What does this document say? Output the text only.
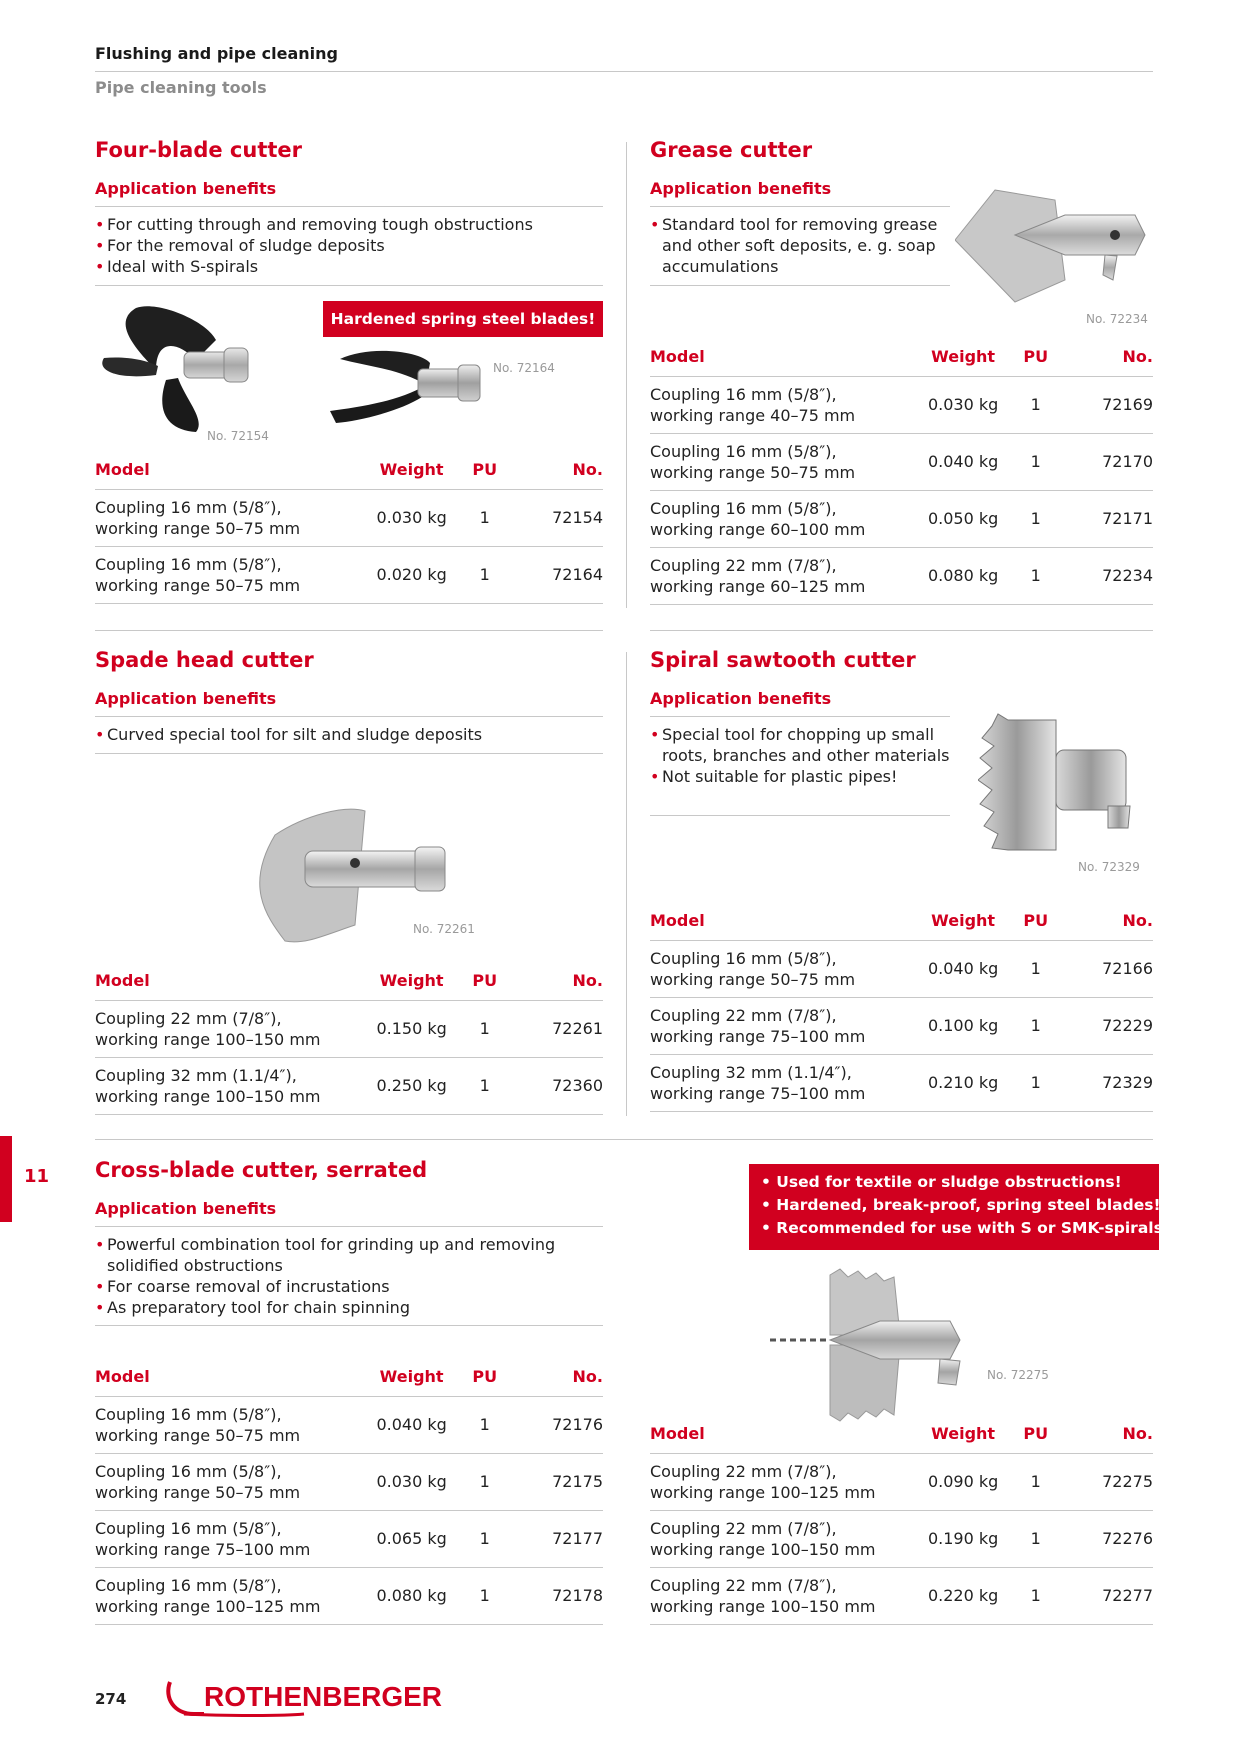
Flushing and pipe cleaning
Pipe cleaning tools
Four-blade cutter
Application benefits
• For cutting through and removing tough obstructions
• For the removal of sludge deposits
• Ideal with S-spirals
Hardened spring steel blades!
No. 72154
No. 72164
Model	Weight	PU	No.
Coupling 16 mm (5/8″),
working range 50–75 mm	0.030 kg	1	72154
Coupling 16 mm (5/8″),
working range 50–75 mm	0.020 kg	1	72164
Grease cutter
Application benefits
• Standard tool for removing grease and other soft deposits, e. g. soap accumulations
No. 72234
Model	Weight	PU	No.
Coupling 16 mm (5/8″),
working range 40–75 mm	0.030 kg	1	72169
Coupling 16 mm (5/8″),
working range 50–75 mm	0.040 kg	1	72170
Coupling 16 mm (5/8″),
working range 60–100 mm	0.050 kg	1	72171
Coupling 22 mm (7/8″),
working range 60–125 mm	0.080 kg	1	72234
Spade head cutter
Application benefits
• Curved special tool for silt and sludge deposits
No. 72261
Model	Weight	PU	No.
Coupling 22 mm (7/8″),
working range 100–150 mm	0.150 kg	1	72261
Coupling 32 mm (1.1/4″),
working range 100–150 mm	0.250 kg	1	72360
Spiral sawtooth cutter
Application benefits
• Special tool for chopping up small roots, branches and other materials
• Not suitable for plastic pipes!
No. 72329
Model	Weight	PU	No.
Coupling 16 mm (5/8″),
working range 50–75 mm	0.040 kg	1	72166
Coupling 22 mm (7/8″),
working range 75–100 mm	0.100 kg	1	72229
Coupling 32 mm (1.1/4″),
working range 75–100 mm	0.210 kg	1	72329
11 Cross-blade cutter, serrated
Application benefits
• Powerful combination tool for grinding up and removing solidified obstructions
• For coarse removal of incrustations
• As preparatory tool for chain spinning
• Used for textile or sludge obstructions!
• Hardened, break-proof, spring steel blades!
• Recommended for use with S or SMK-spirals!
No. 72275
Model	Weight	PU	No.
Coupling 16 mm (5/8″),
working range 50–75 mm	0.040 kg	1	72176
Coupling 16 mm (5/8″),
working range 50–75 mm	0.030 kg	1	72175
Coupling 16 mm (5/8″),
working range 75–100 mm	0.065 kg	1	72177
Coupling 16 mm (5/8″),
working range 100–125 mm	0.080 kg	1	72178
Model	Weight	PU	No.
Coupling 22 mm (7/8″),
working range 100–125 mm	0.090 kg	1	72275
Coupling 22 mm (7/8″),
working range 100–150 mm	0.190 kg	1	72276
Coupling 22 mm (7/8″),
working range 100–150 mm	0.220 kg	1	72277
274	ROTHENBERGER
